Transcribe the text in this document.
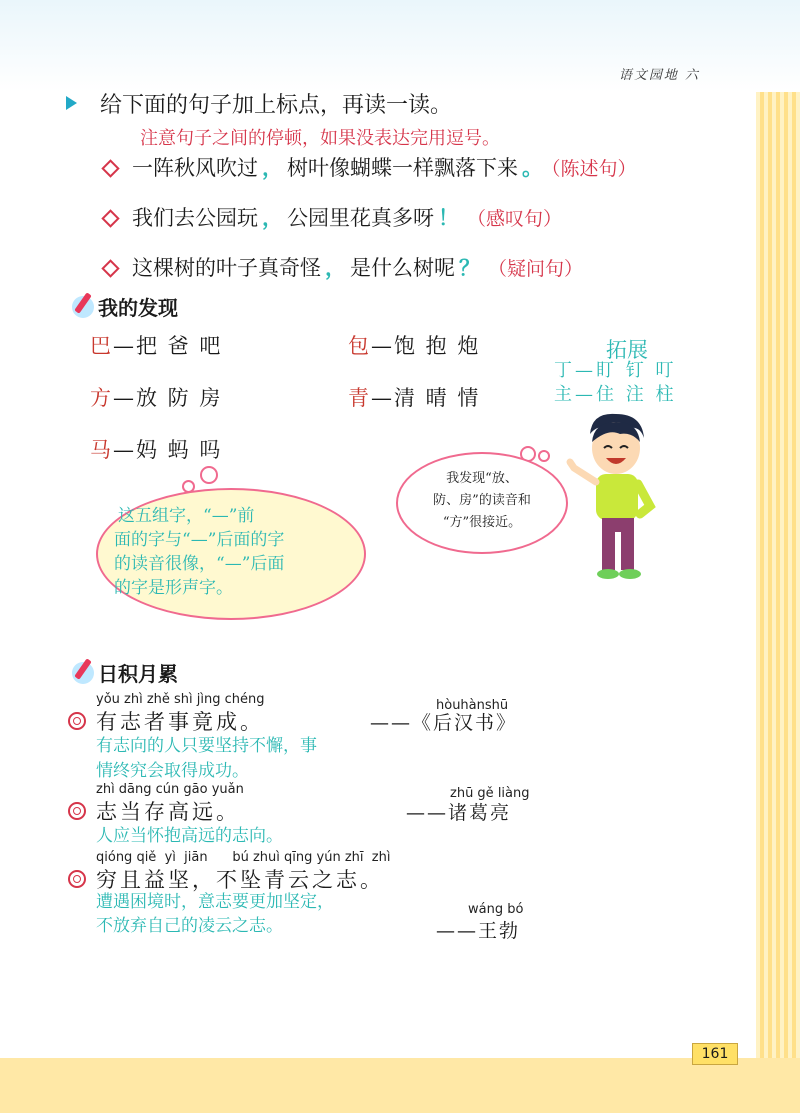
语文园地 六
给下面的句子加上标点，再读一读。
注意句子之间的停顿，如果没表达完用逗号。
一阵秋风吹过 ， 树叶像蝴蝶一样飘落下来 。 （陈述句）
我们去公园玩 ， 公园里花真多呀 ！ （感叹句）
这棵树的叶子真奇怪 ， 是什么树呢 ？ （疑问句）
我的发现
巴—把 爸 吧	包—饱 抱 炮
方—放 防 房	青—清 晴 情
马—妈 蚂 吗
拓展
丁—盯 钉 叮
主—住 注 柱
这五组字，“—”前
面的字与“—”后面的字
的读音很像，“—”后面
的字是形声字。
我发现“放、
防、房”的读音和
“方”很接近。
日积月累
yǒu zhì zhě shì jìng chéng	hòuhànshū
有志者事竟成。	——《后汉书》
有志向的人只要坚持不懈，事
情终究会取得成功。
zhì dāng cún gāo yuǎn	zhū gě liàng
志当存高远。	——诸葛亮
人应当怀抱高远的志向。
qióng qiě  yì  jiān      bú zhuì qīng yún zhī  zhì
穷且益坚，不坠青云之志。
遭遇困境时，意志要更加坚定，
不放弃自己的凌云之志。
wáng bó
——王勃
161
